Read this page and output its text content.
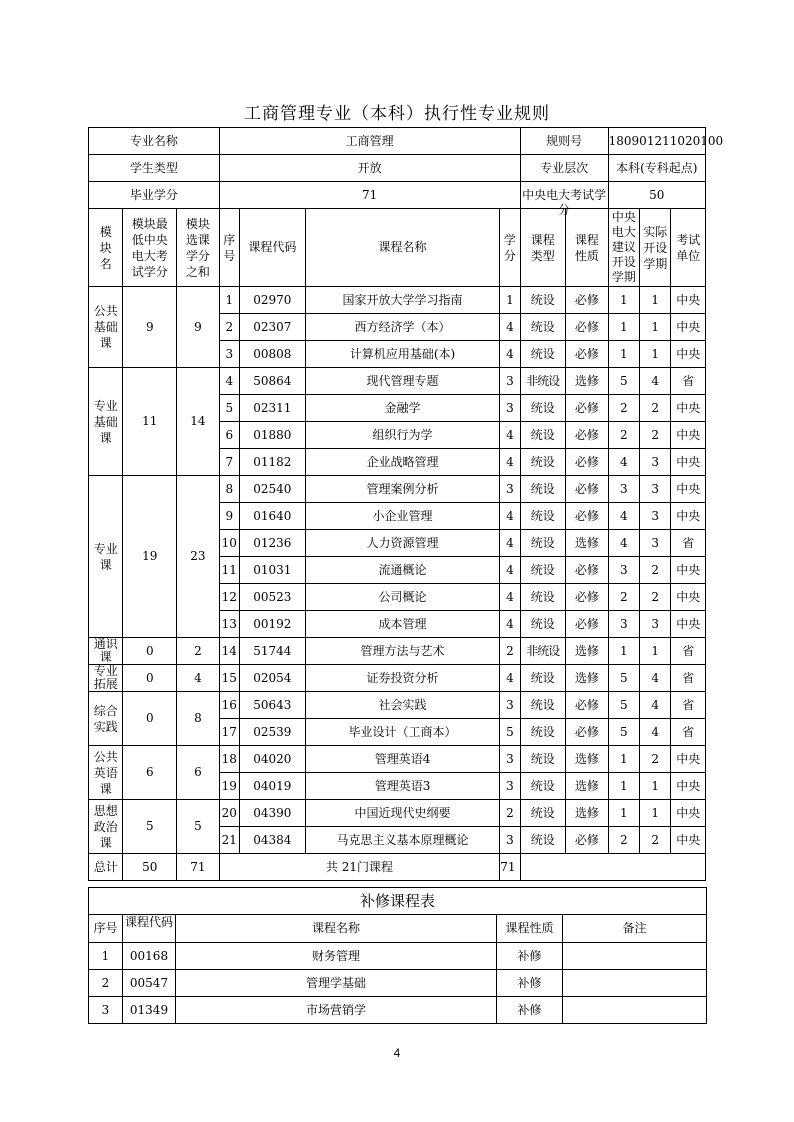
工商管理专业（本科）执行性专业规则
专业名称			工商管理				规则号		180901211020100		
学生类型			开放				专业层次		本科(专科起点)		
毕业学分			71				中央电大考试学分		50		

模块名	模块最低中央电大考试学分	模块选课学分之和	序号	课程代码	课程名称	学分	课程类型	课程性质	中央电大建议开设学期	实际开设学期	考试单位

公共基础课	9	9	1	02970	国家开放大学学习指南	1	统设	必修	1	1	中央
			2	02307	西方经济学（本）	4	统设	必修	1	1	中央
			3	00808	计算机应用基础(本)	4	统设	必修	1	1	中央

专业基础课	11	14	4	50864	现代管理专题	3	非统设	选修	5	4	省
			5	02311	金融学	3	统设	必修	2	2	中央
			6	01880	组织行为学	4	统设	必修	2	2	中央
			7	01182	企业战略管理	4	统设	必修	4	3	中央

专业课	19	23	8	02540	管理案例分析	3	统设	必修	3	3	中央
			9	01640	小企业管理	4	统设	必修	4	3	中央
			10	01236	人力资源管理	4	统设	选修	4	3	省
			11	01031	流通概论	4	统设	必修	3	2	中央
			12	00523	公司概论	4	统设	必修	2	2	中央
			13	00192	成本管理	4	统设	必修	3	3	中央

通识课	0	2	14	51744	管理方法与艺术	2	非统设	选修	1	1	省

专业拓展	0	4	15	02054	证券投资分析	4	统设	选修	5	4	省

综合实践	0	8	16	50643	社会实践	3	统设	必修	5	4	省
			17	02539	毕业设计（工商本）	5	统设	必修	5	4	省

公共英语课	6	6	18	04020	管理英语4	3	统设	选修	1	2	中央
			19	04019	管理英语3	3	统设	选修	1	1	中央

思想政治课	5	5	20	04390	中国近现代史纲要	2	统设	选修	1	1	中央
			21	04384	马克思主义基本原理概论	3	统设	必修	2	2	中央
总计	50	71	共 21门课程			71					
补修课程表				
序号	课程代码	课程名称	课程性质	备注
1	00168	财务管理	补修	
2	00547	管理学基础	补修	
3	01349	市场营销学	补修	
4
